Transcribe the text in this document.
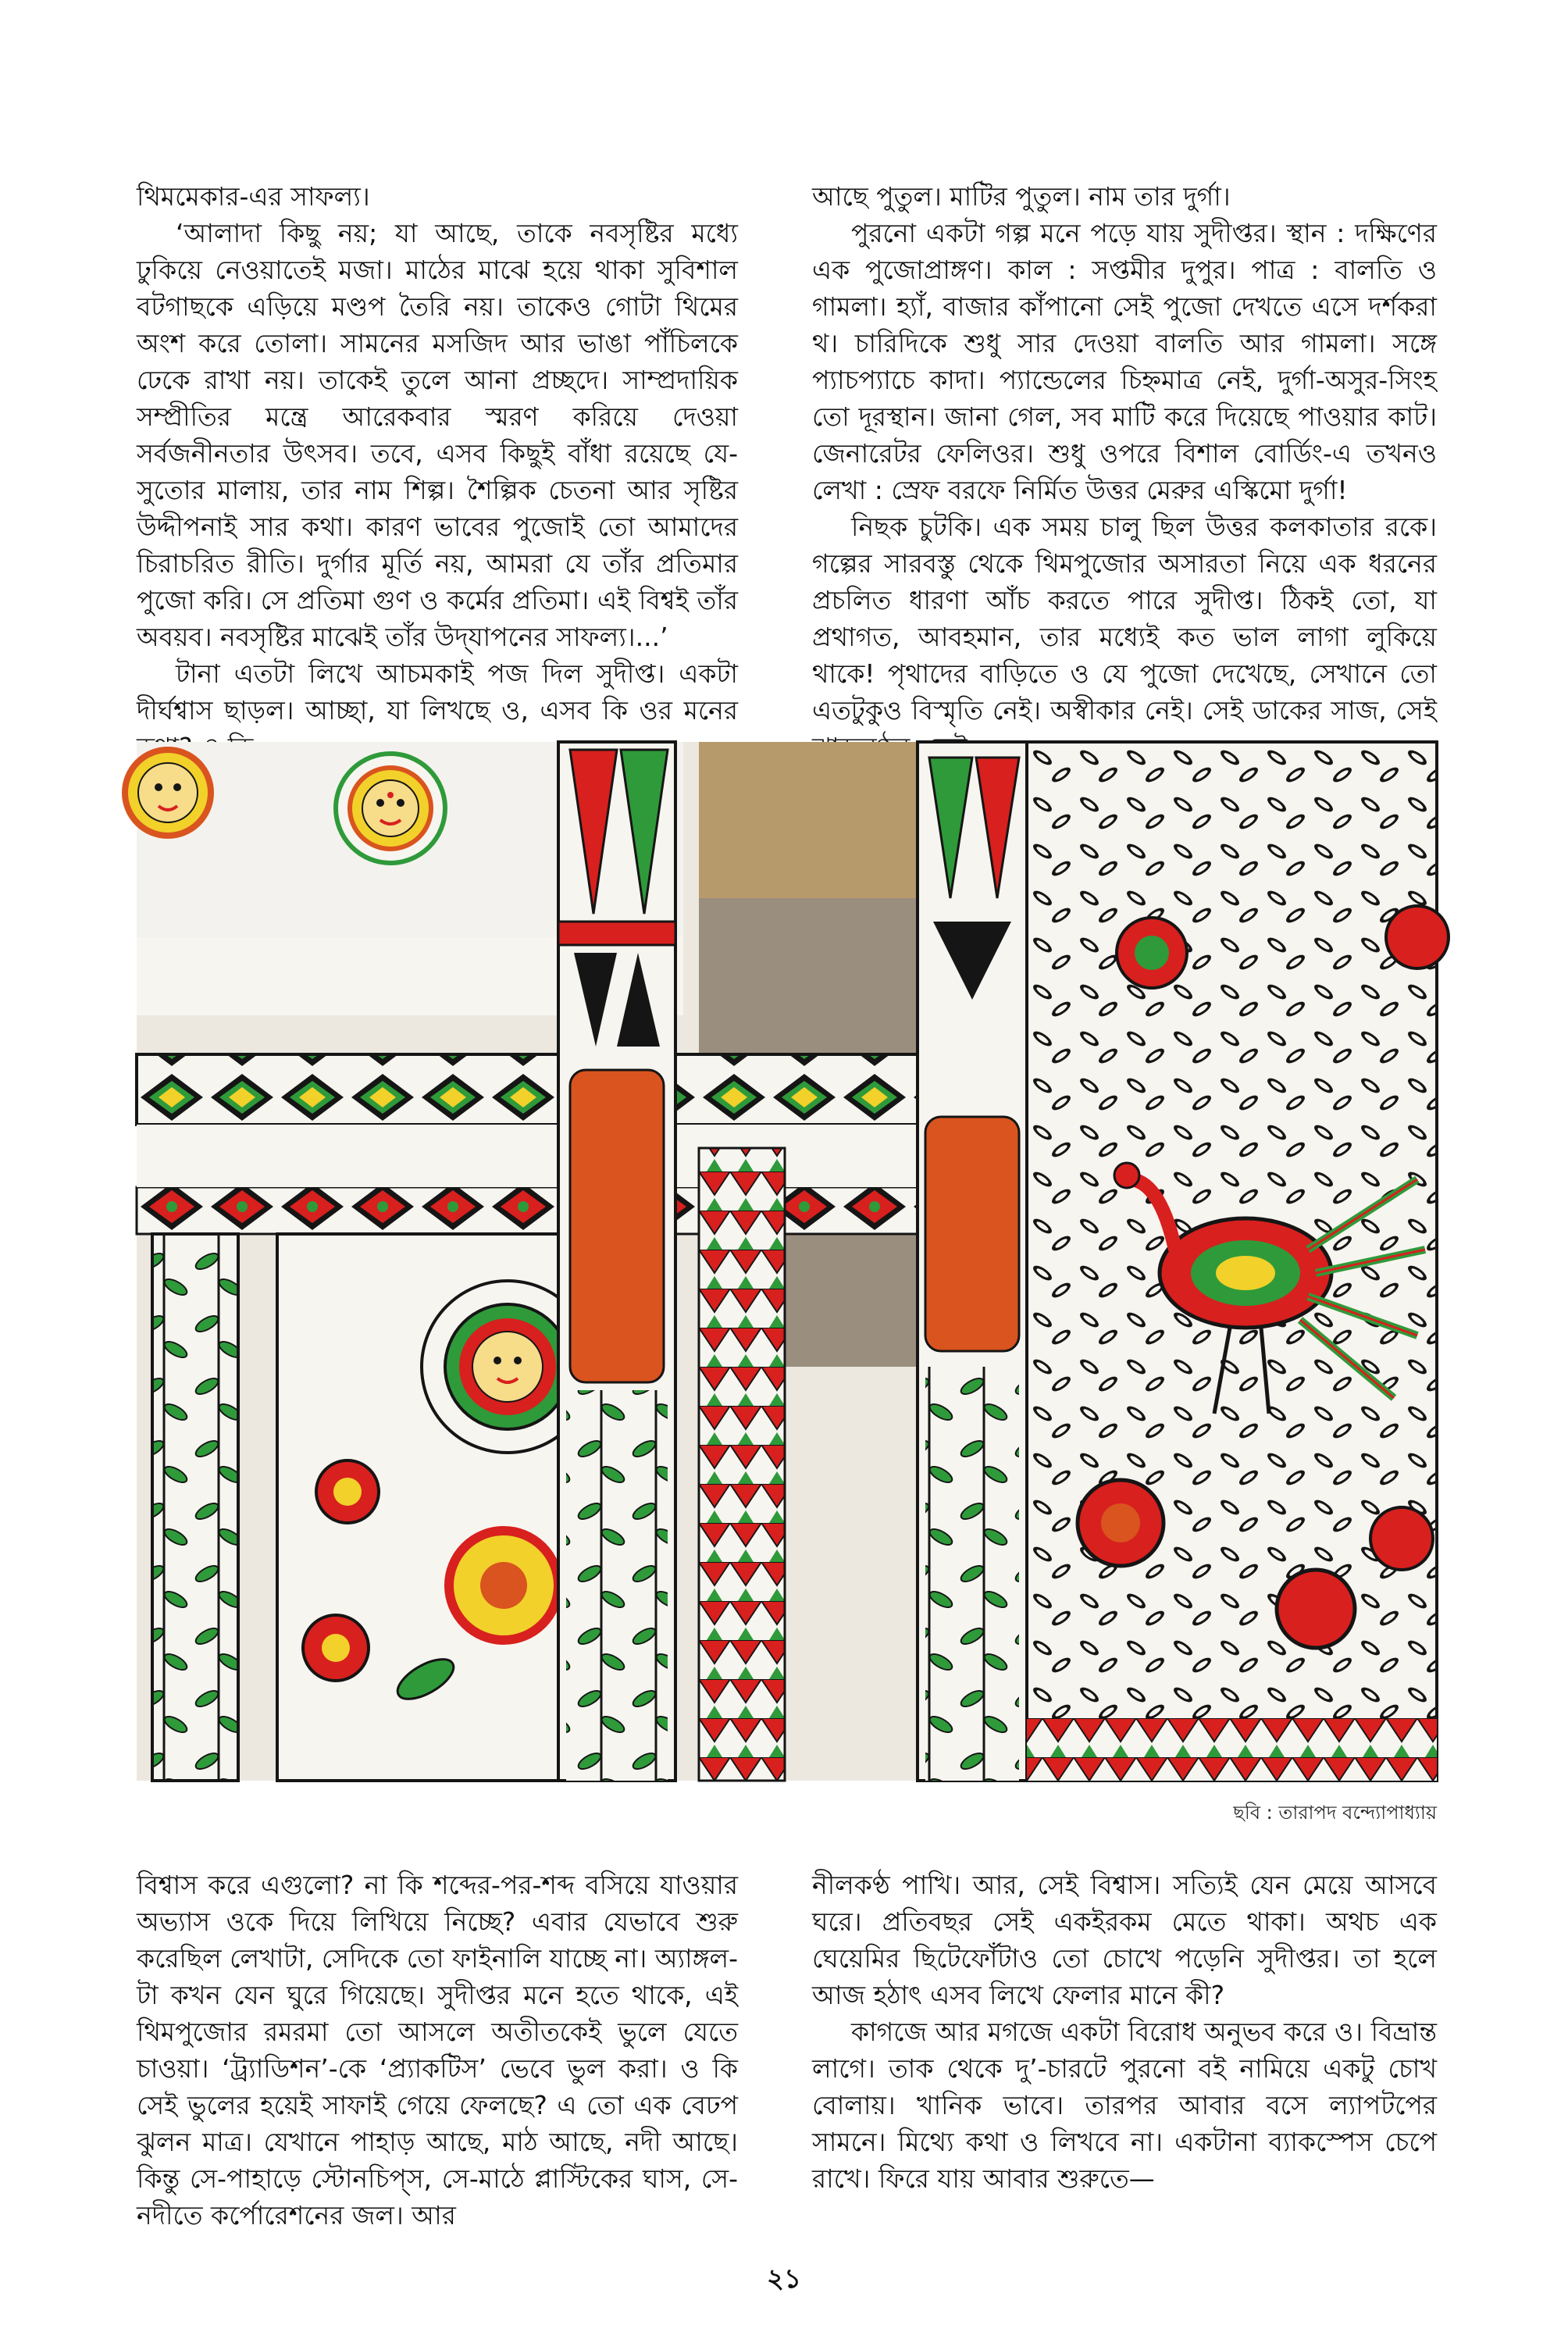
থিমমেকার-এর সাফল্য।

‘আলাদা কিছু নয়; যা আছে, তাকে নবসৃষ্টির মধ্যে ঢুকিয়ে নেওয়াতেই মজা। মাঠের মাঝে হয়ে থাকা সুবিশাল বটগাছকে এড়িয়ে মণ্ডপ তৈরি নয়। তাকেও গোটা থিমের অংশ করে তোলা। সামনের মসজিদ আর ভাঙা পাঁচিলকে ঢেকে রাখা নয়। তাকেই তুলে আনা প্রচ্ছদে। সাম্প্রদায়িক সম্প্রীতির মন্ত্রে আরেকবার স্মরণ করিয়ে দেওয়া সর্বজনীনতার উৎসব। তবে, এসব কিছুই বাঁধা রয়েছে যে-সুতোর মালায়, তার নাম শিল্প। শৈল্পিক চেতনা আর সৃষ্টির উদ্দীপনাই সার কথা। কারণ ভাবের পুজোই তো আমাদের চিরাচরিত রীতি। দুর্গার মূর্তি নয়, আমরা যে তাঁর প্রতিমার পুজো করি। সে প্রতিমা গুণ ও কর্মের প্রতিমা। এই বিশ্বই তাঁর অবয়ব। নবসৃষ্টির মাঝেই তাঁর উদ্‌যাপনের সাফল্য।...’

টানা এতটা লিখে আচমকাই পজ দিল সুদীপ্ত। একটা দীর্ঘশ্বাস ছাড়ল। আচ্ছা, যা লিখছে ও, এসব কি ওর মনের

আছে পুতুল। মাটির পুতুল। নাম তার দুর্গা।

পুরনো একটা গল্প মনে পড়ে যায় সুদীপ্তর। স্থান : দক্ষিণের এক পুজোপ্রাঙ্গণ। কাল : সপ্তমীর দুপুর। পাত্র : বালতি ও গামলা। হ্যাঁ, বাজার কাঁপানো সেই পুজো দেখতে এসে দর্শকরা থ। চারিদিকে শুধু সার দেওয়া বালতি আর গামলা। সঙ্গে প্যাচপ্যাচে কাদা। প্যান্ডেলের চিহ্নমাত্র নেই, দুর্গা-অসুর-সিংহ তো দূরস্থান। জানা গেল, সব মাটি করে দিয়েছে পাওয়ার কাট। জেনারেটর ফেলিওর। শুধু ওপরে বিশাল বোর্ডিং-এ তখনও লেখা : স্রেফ বরফে নির্মিত উত্তর মেরুর এস্কিমো দুর্গা!

নিছক চুটকি। এক সময় চালু ছিল উত্তর কলকাতার রকে। গল্পের সারবস্তু থেকে থিমপুজোর অসারতা নিয়ে এক ধরনের প্রচলিত ধারণা আঁচ করতে পারে সুদীপ্ত। ঠিকই তো, যা প্রথাগত, আবহমান, তার মধ্যেই কত ভাল লাগা লুকিয়ে থাকে! পৃথাদের বাড়িতে ও যে পুজো দেখেছে, সেখানে তো এতটুকুও বিস্মৃতি নেই। অস্বীকার নেই। সেই ডাকের সাজ, সেই

ছবি : তারাপদ বন্দ্যোপাধ্যায়

বিশ্বাস করে এগুলো? না কি শব্দের-পর-শব্দ বসিয়ে যাওয়ার অভ্যাস ওকে দিয়ে লিখিয়ে নিচ্ছে? এবার যেভাবে শুরু করেছিল লেখাটা, সেদিকে তো ফাইনালি যাচ্ছে না। অ্যাঙ্গল-টা কখন যেন ঘুরে গিয়েছে। সুদীপ্তর মনে হতে থাকে, এই থিমপুজোর রমরমা তো আসলে অতীতকেই ভুলে যেতে চাওয়া। ‘ট্র্যাডিশন’-কে ‘প্র্যাকটিস’ ভেবে ভুল করা। ও কি সেই ভুলের হয়েই সাফাই গেয়ে ফেলছে? এ তো এক বেঢপ ঝুলন মাত্র। যেখানে পাহাড় আছে, মাঠ আছে, নদী আছে। কিন্তু সে-পাহাড়ে স্টোনচিপ্‌স, সে-মাঠে প্লাস্টিকের ঘাস, সে-নদীতে কর্পোরেশনের জল। আর

নীলকণ্ঠ পাখি। আর, সেই বিশ্বাস। সত্যিই যেন মেয়ে আসবে ঘরে। প্রতিবছর সেই একইরকম মেতে থাকা। অথচ এক ঘেয়েমির ছিটেফোঁটাও তো চোখে পড়েনি সুদীপ্তর। তা হলে আজ হঠাৎ এসব লিখে ফেলার মানে কী?

কাগজে আর মগজে একটা বিরোধ অনুভব করে ও। বিভ্রান্ত লাগে। তাক থেকে দু’-চারটে পুরনো বই নামিয়ে একটু চোখ বোলায়। খানিক ভাবে। তারপর আবার বসে ল্যাপটপের সামনে। মিথ্যে কথা ও লিখবে না। একটানা ব্যাকস্পেস চেপে রাখে। ফিরে যায় আবার শুরুতে—

২১
